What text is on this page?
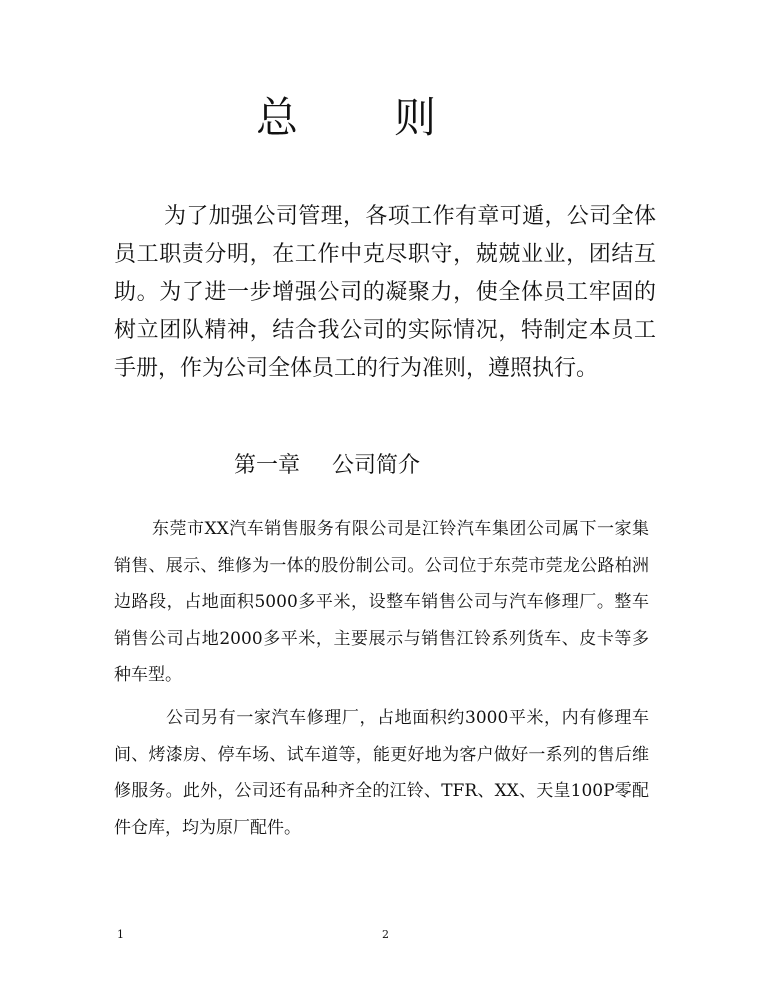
总 则

为了加强公司管理，各项工作有章可遁，公司全体员工职责分明，在工作中克尽职守，兢兢业业，团结互助。为了进一步增强公司的凝聚力，使全体员工牢固的树立团队精神，结合我公司的实际情况，特制定本员工手册，作为公司全体员工的行为准则，遵照执行。

第一章 公司简介

东莞市XX汽车销售服务有限公司是江铃汽车集团公司属下一家集销售、展示、维修为一体的股份制公司。公司位于东莞市莞龙公路柏洲边路段，占地面积5000多平米，设整车销售公司与汽车修理厂。整车销售公司占地2000多平米，主要展示与销售江铃系列货车、皮卡等多种车型。

公司另有一家汽车修理厂，占地面积约3000平米，内有修理车间、烤漆房、停车场、试车道等，能更好地为客户做好一系列的售后维修服务。此外，公司还有品种齐全的江铃、TFR、XX、天皇100P零配件仓库，均为原厂配件。

1	2
